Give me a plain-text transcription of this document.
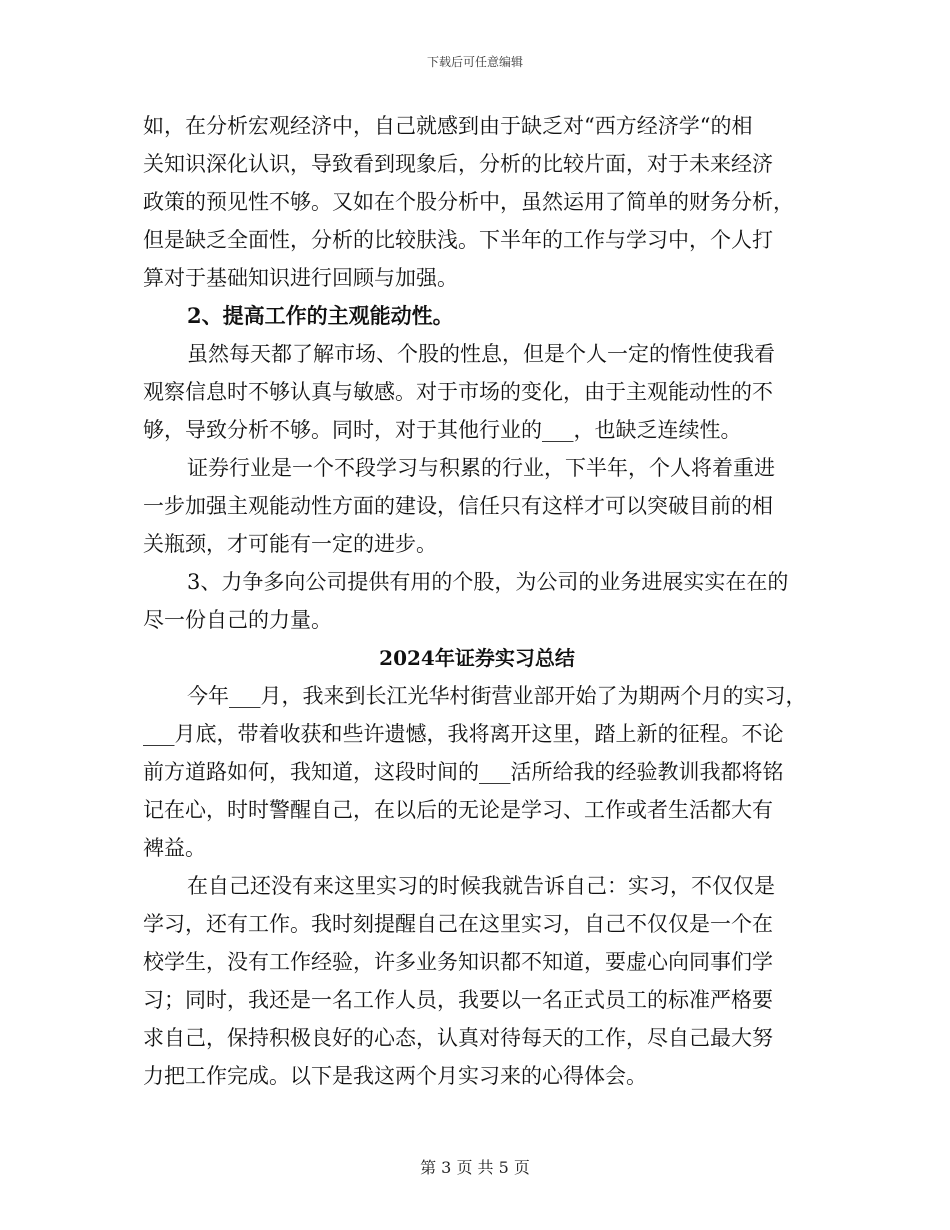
下载后可任意编辑
如，在分析宏观经济中，自己就感到由于缺乏对“西方经济学“的相
关知识深化认识，导致看到现象后，分析的比较片面，对于未来经济
政策的预见性不够。又如在个股分析中，虽然运用了简单的财务分析，
但是缺乏全面性，分析的比较肤浅。下半年的工作与学习中，个人打
算对于基础知识进行回顾与加强。
2、提高工作的主观能动性。
虽然每天都了解市场、个股的性息，但是个人一定的惰性使我看
观察信息时不够认真与敏感。对于市场的变化，由于主观能动性的不
够，导致分析不够。同时，对于其他行业的___，也缺乏连续性。
证券行业是一个不段学习与积累的行业，下半年，个人将着重进
一步加强主观能动性方面的建设，信任只有这样才可以突破目前的相
关瓶颈，才可能有一定的进步。
3、力争多向公司提供有用的个股，为公司的业务进展实实在在的
尽一份自己的力量。
2024年证券实习总结
今年___月，我来到长江光华村街营业部开始了为期两个月的实习，
___月底，带着收获和些许遗憾，我将离开这里，踏上新的征程。不论
前方道路如何，我知道，这段时间的___活所给我的经验教训我都将铭
记在心，时时警醒自己，在以后的无论是学习、工作或者生活都大有
裨益。
在自己还没有来这里实习的时候我就告诉自己：实习，不仅仅是
学习，还有工作。我时刻提醒自己在这里实习，自己不仅仅是一个在
校学生，没有工作经验，许多业务知识都不知道，要虚心向同事们学
习；同时，我还是一名工作人员，我要以一名正式员工的标准严格要
求自己，保持积极良好的心态，认真对待每天的工作，尽自己最大努
力把工作完成。以下是我这两个月实习来的心得体会。
第 3 页 共 5 页
